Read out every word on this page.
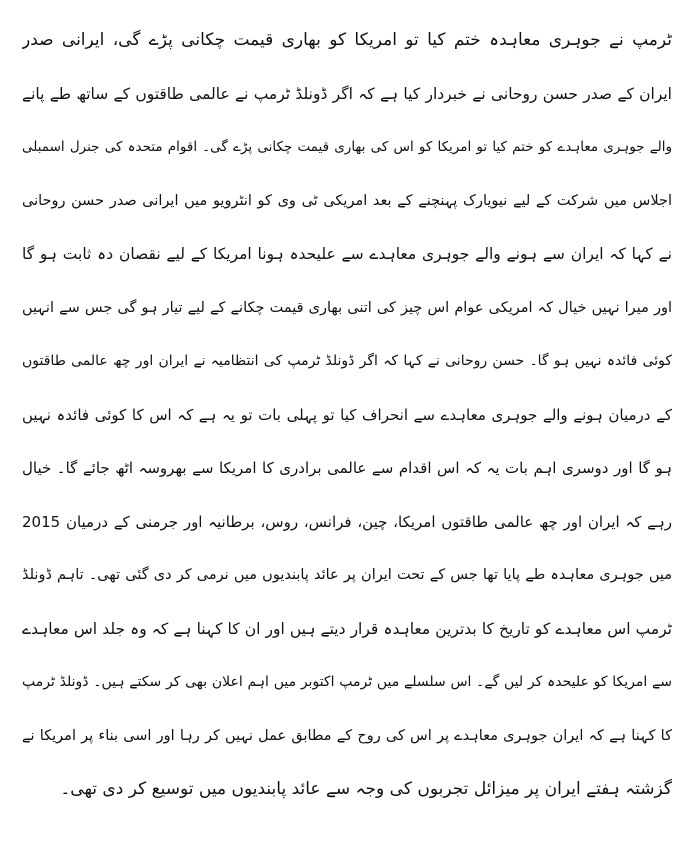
ٹرمپ نے جوہری معاہدہ ختم کیا تو امریکا کو بھاری قیمت چکانی پڑے گی، ایرانی صدر
ایران کے صدر حسن روحانی نے خبردار کیا ہے کہ اگر ڈونلڈ ٹرمپ نے عالمی طاقتوں کے ساتھ طے پانے
والے جوہری معاہدے کو ختم کیا تو امریکا کو اس کی بھاری قیمت چکانی پڑے گی۔ اقوام متحدہ کی جنرل اسمبلی
اجلاس میں شرکت کے لیے نیویارک پہنچنے کے بعد امریکی ٹی وی کو انٹرویو میں ایرانی صدر حسن روحانی
نے کہا کہ ایران سے ہونے والے جوہری معاہدے سے علیحدہ ہونا امریکا کے لیے نقصان دہ ثابت ہو گا
اور میرا نہیں خیال کہ امریکی عوام اس چیز کی اتنی بھاری قیمت چکانے کے لیے تیار ہو گی جس سے انہیں
کوئی فائدہ نہیں ہو گا۔ حسن روحانی نے کہا کہ اگر ڈونلڈ ٹرمپ کی انتظامیہ نے ایران اور چھ عالمی طاقتوں
کے درمیان ہونے والے جوہری معاہدے سے انحراف کیا تو پہلی بات تو یہ ہے کہ اس کا کوئی فائدہ نہیں
ہو گا اور دوسری اہم بات یہ کہ اس اقدام سے عالمی برادری کا امریکا سے بھروسہ اٹھ جائے گا۔ خیال
رہے کہ ایران اور چھ عالمی طاقتوں امریکا، چین، فرانس، روس، برطانیہ اور جرمنی کے درمیان 2015
میں جوہری معاہدہ طے پایا تھا جس کے تحت ایران پر عائد پابندیوں میں نرمی کر دی گئی تھی۔ تاہم ڈونلڈ
ٹرمپ اس معاہدے کو تاریخ کا بدترین معاہدہ قرار دیتے ہیں اور ان کا کہنا ہے کہ وہ جلد اس معاہدے
سے امریکا کو علیحدہ کر لیں گے۔ اس سلسلے میں ٹرمپ اکتوبر میں اہم اعلان بھی کر سکتے ہیں۔ ڈونلڈ ٹرمپ
کا کہنا ہے کہ ایران جوہری معاہدے پر اس کی روح کے مطابق عمل نہیں کر رہا اور اسی بناء پر امریکا نے
گزشتہ ہفتے ایران پر میزائل تجربوں کی وجہ سے عائد پابندیوں میں توسیع کر دی تھی۔
